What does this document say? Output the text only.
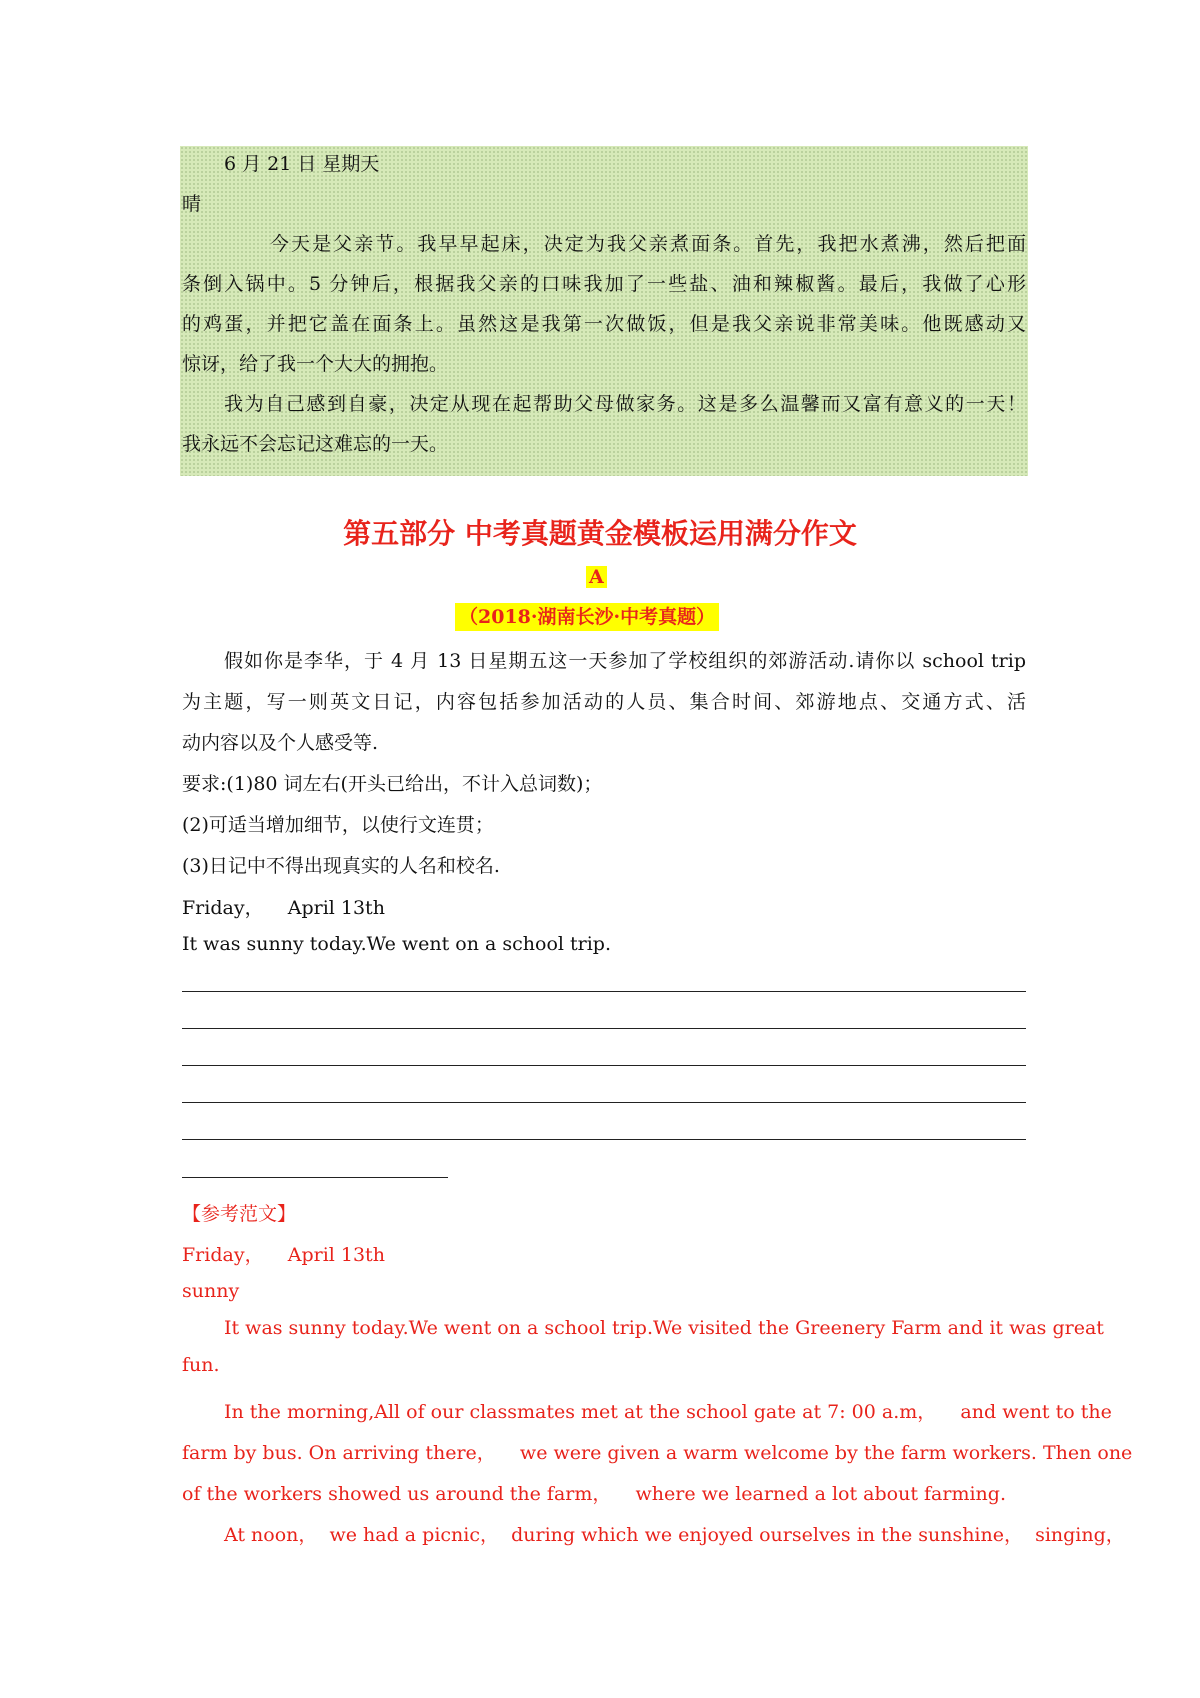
6 月 21 日 星期天
晴
今天是父亲节。我早早起床，决定为我父亲煮面条。首先，我把水煮沸，然后把面
条倒入锅中。5 分钟后，根据我父亲的口味我加了一些盐、油和辣椒酱。最后，我做了心形
的鸡蛋，并把它盖在面条上。虽然这是我第一次做饭，但是我父亲说非常美味。他既感动又
惊讶，给了我一个大大的拥抱。
我为自己感到自豪，决定从现在起帮助父母做家务。这是多么温馨而又富有意义的一天！
我永远不会忘记这难忘的一天。
第五部分 中考真题黄金模板运用满分作文
A
（2018·湖南长沙·中考真题）
假如你是李华，于 4 月 13 日星期五这一天参加了学校组织的郊游活动.请你以 school trip
为主题，写一则英文日记，内容包括参加活动的人员、集合时间、郊游地点、交通方式、活
动内容以及个人感受等.
要求:(1)80 词左右(开头已给出，不计入总词数)；
(2)可适当增加细节，以使行文连贯；
(3)日记中不得出现真实的人名和校名.
Friday，    April 13th
It was sunny today.We went on a school trip.
【参考范文】
Friday，    April 13th
sunny
It was sunny today.We went on a school trip.We visited the Greenery Farm and it was great
fun.
In the morning,All of our classmates met at the school gate at 7: 00 a.m，    and went to the
farm by bus. On arriving there，    we were given a warm welcome by the farm workers. Then one
of the workers showed us around the farm，    where we learned a lot about farming.
At noon，  we had a picnic，  during which we enjoyed ourselves in the sunshine，  singing，
